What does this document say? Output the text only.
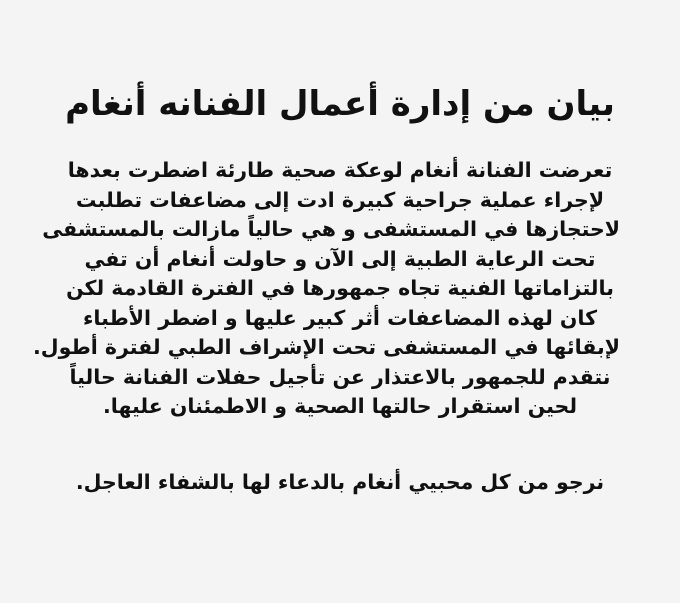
بيان من إدارة أعمال الفنانه أنغام
تعرضت الفنانة أنغام لوعكة صحية طارئة اضطرت بعدها
لإجراء عملية جراحية كبيرة ادت إلى مضاعفات تطلبت
لاحتجازها في المستشفى و هي حالياً مازالت بالمستشفى
تحت الرعاية الطبية إلى الآن و حاولت أنغام أن تفي
بالتزاماتها الفنية تجاه جمهورها في الفترة القادمة لكن
كان لهذه المضاعفات أثر كبير عليها و اضطر الأطباء
لإبقائها في المستشفى تحت الإشراف الطبي لفترة أطول.
نتقدم للجمهور بالاعتذار عن تأجيل حفلات الفنانة حالياً
لحين استقرار حالتها الصحية و الاطمئنان عليها.
نرجو من كل محبيي أنغام بالدعاء لها بالشفاء العاجل.
